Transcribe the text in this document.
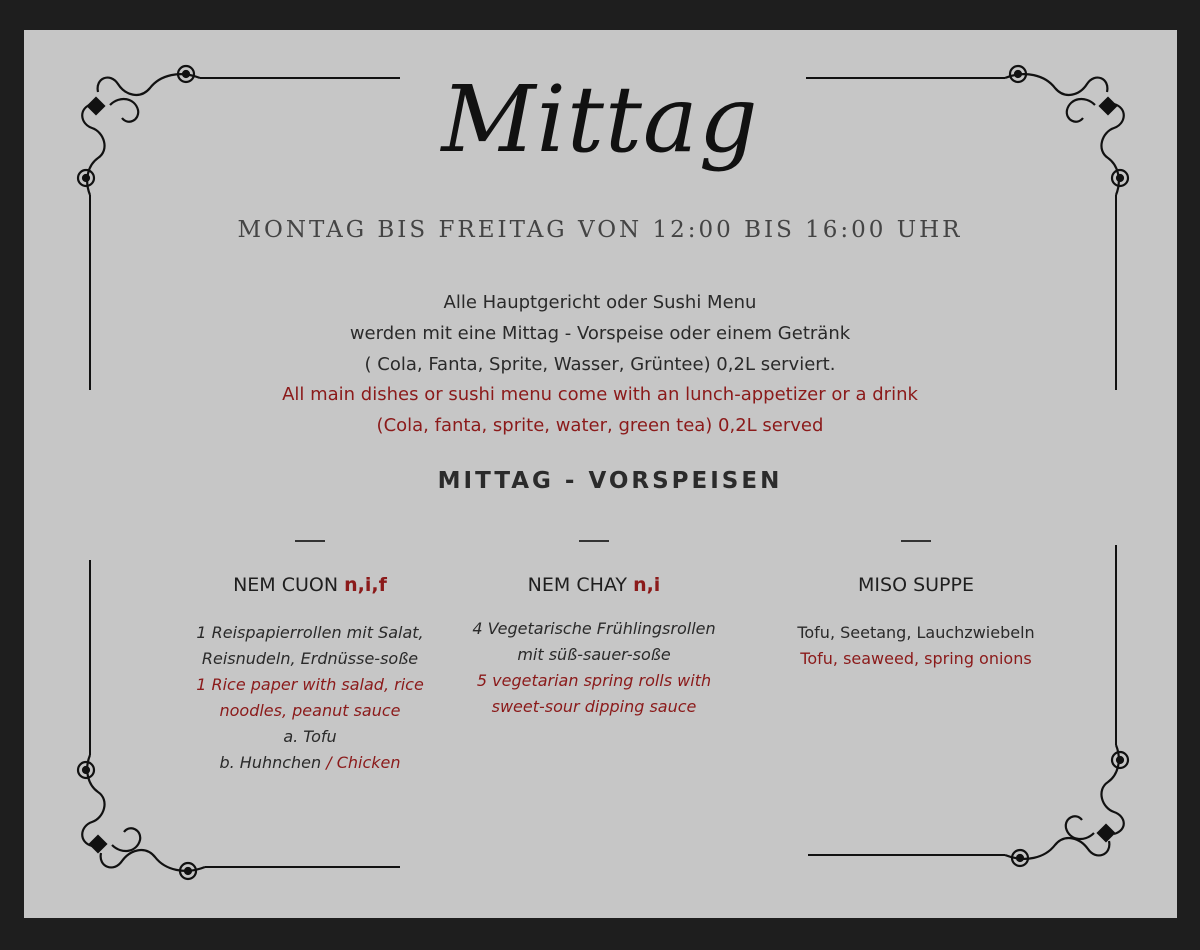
Mittag
MONTAG BIS FREITAG VON 12:00 BIS 16:00 UHR
Alle Hauptgericht oder Sushi Menu
werden mit eine Mittag - Vorspeise oder einem Getränk
( Cola, Fanta, Sprite, Wasser, Grüntee) 0,2L serviert.
All main dishes or sushi menu come with an lunch-appetizer or a drink
(Cola, fanta, sprite, water, green tea) 0,2L served
MITTAG - VORSPEISEN
NEM CUON n,i,f
1 Reispapierrollen mit Salat,
Reisnudeln, Erdnüsse-soße
1 Rice paper with salad, rice
noodles, peanut sauce
a. Tofu
b. Huhnchen / Chicken
NEM CHAY n,i
4 Vegetarische Frühlingsrollen
mit süß-sauer-soße
5 vegetarian spring rolls with
sweet-sour dipping sauce
MISO SUPPE
Tofu, Seetang, Lauchzwiebeln
Tofu, seaweed, spring onions
